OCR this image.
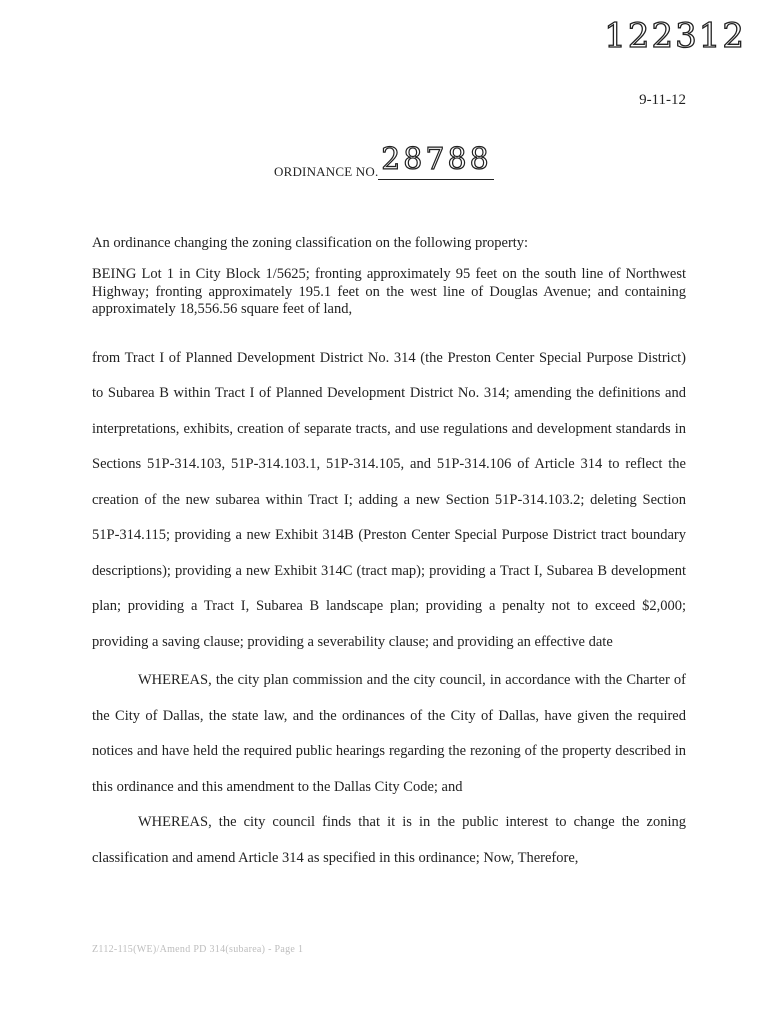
122312
9-11-12
ORDINANCE NO. 28788

An ordinance changing the zoning classification on the following property:

BEING Lot 1 in City Block 1/5625; fronting approximately 95 feet on the south line of Northwest Highway; fronting approximately 195.1 feet on the west line of Douglas Avenue; and containing approximately 18,556.56 square feet of land,

from Tract I of Planned Development District No. 314 (the Preston Center Special Purpose District) to Subarea B within Tract I of Planned Development District No. 314; amending the definitions and interpretations, exhibits, creation of separate tracts, and use regulations and development standards in Sections 51P-314.103, 51P-314.103.1, 51P-314.105, and 51P-314.106 of Article 314 to reflect the creation of the new subarea within Tract I; adding a new Section 51P-314.103.2; deleting Section 51P-314.115; providing a new Exhibit 314B (Preston Center Special Purpose District tract boundary descriptions); providing a new Exhibit 314C (tract map); providing a Tract I, Subarea B development plan; providing a Tract I, Subarea B landscape plan; providing a penalty not to exceed $2,000; providing a saving clause; providing a severability clause; and providing an effective date

WHEREAS, the city plan commission and the city council, in accordance with the Charter of the City of Dallas, the state law, and the ordinances of the City of Dallas, have given the required notices and have held the required public hearings regarding the rezoning of the property described in this ordinance and this amendment to the Dallas City Code; and

WHEREAS, the city council finds that it is in the public interest to change the zoning classification and amend Article 314 as specified in this ordinance; Now, Therefore,

Z112-115(WE)/Amend PD 314(subarea) - Page 1
